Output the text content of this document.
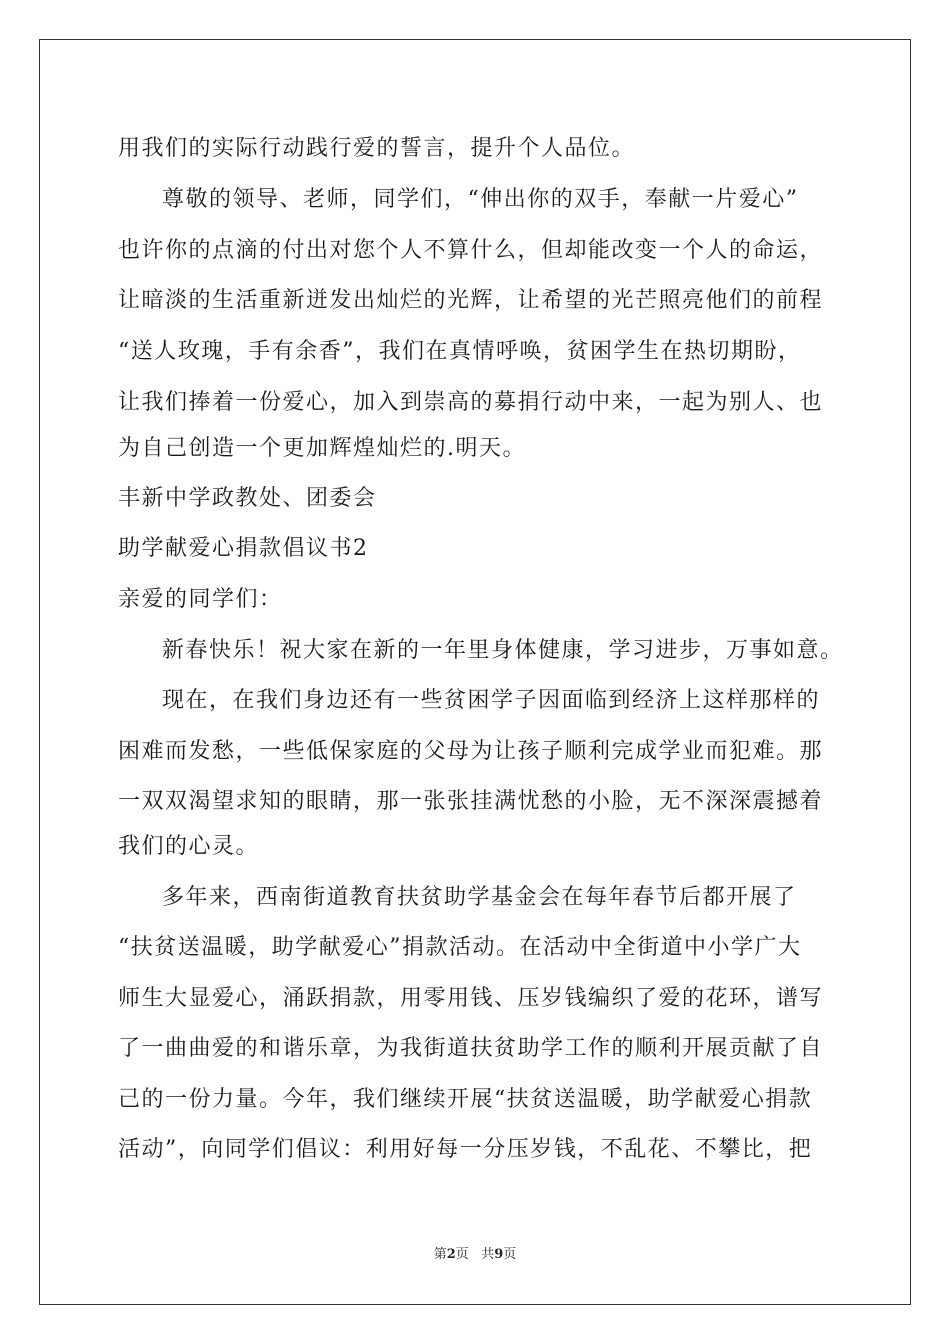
用我们的实际行动践行爱的誓言，提升个人品位。
尊敬的领导、老师，同学们，“伸出你的双手，奉献一片爱心”
也许你的点滴的付出对您个人不算什么，但却能改变一个人的命运，
让暗淡的生活重新迸发出灿烂的光辉，让希望的光芒照亮他们的前程
“送人玫瑰，手有余香”，我们在真情呼唤，贫困学生在热切期盼，
让我们捧着一份爱心，加入到崇高的募捐行动中来，一起为别人、也
为自己创造一个更加辉煌灿烂的.明天。
丰新中学政教处、团委会
助学献爱心捐款倡议书2
亲爱的同学们：
新春快乐！祝大家在新的一年里身体健康，学习进步，万事如意。
现在，在我们身边还有一些贫困学子因面临到经济上这样那样的
困难而发愁，一些低保家庭的父母为让孩子顺利完成学业而犯难。那
一双双渴望求知的眼睛，那一张张挂满忧愁的小脸，无不深深震撼着
我们的心灵。
多年来，西南街道教育扶贫助学基金会在每年春节后都开展了
“扶贫送温暖，助学献爱心”捐款活动。在活动中全街道中小学广大
师生大显爱心，涌跃捐款，用零用钱、压岁钱编织了爱的花环，谱写
了一曲曲爱的和谐乐章，为我街道扶贫助学工作的顺利开展贡献了自
己的一份力量。今年，我们继续开展“扶贫送温暖，助学献爱心捐款
活动”，向同学们倡议：利用好每一分压岁钱，不乱花、不攀比，把
第2页 共9页
